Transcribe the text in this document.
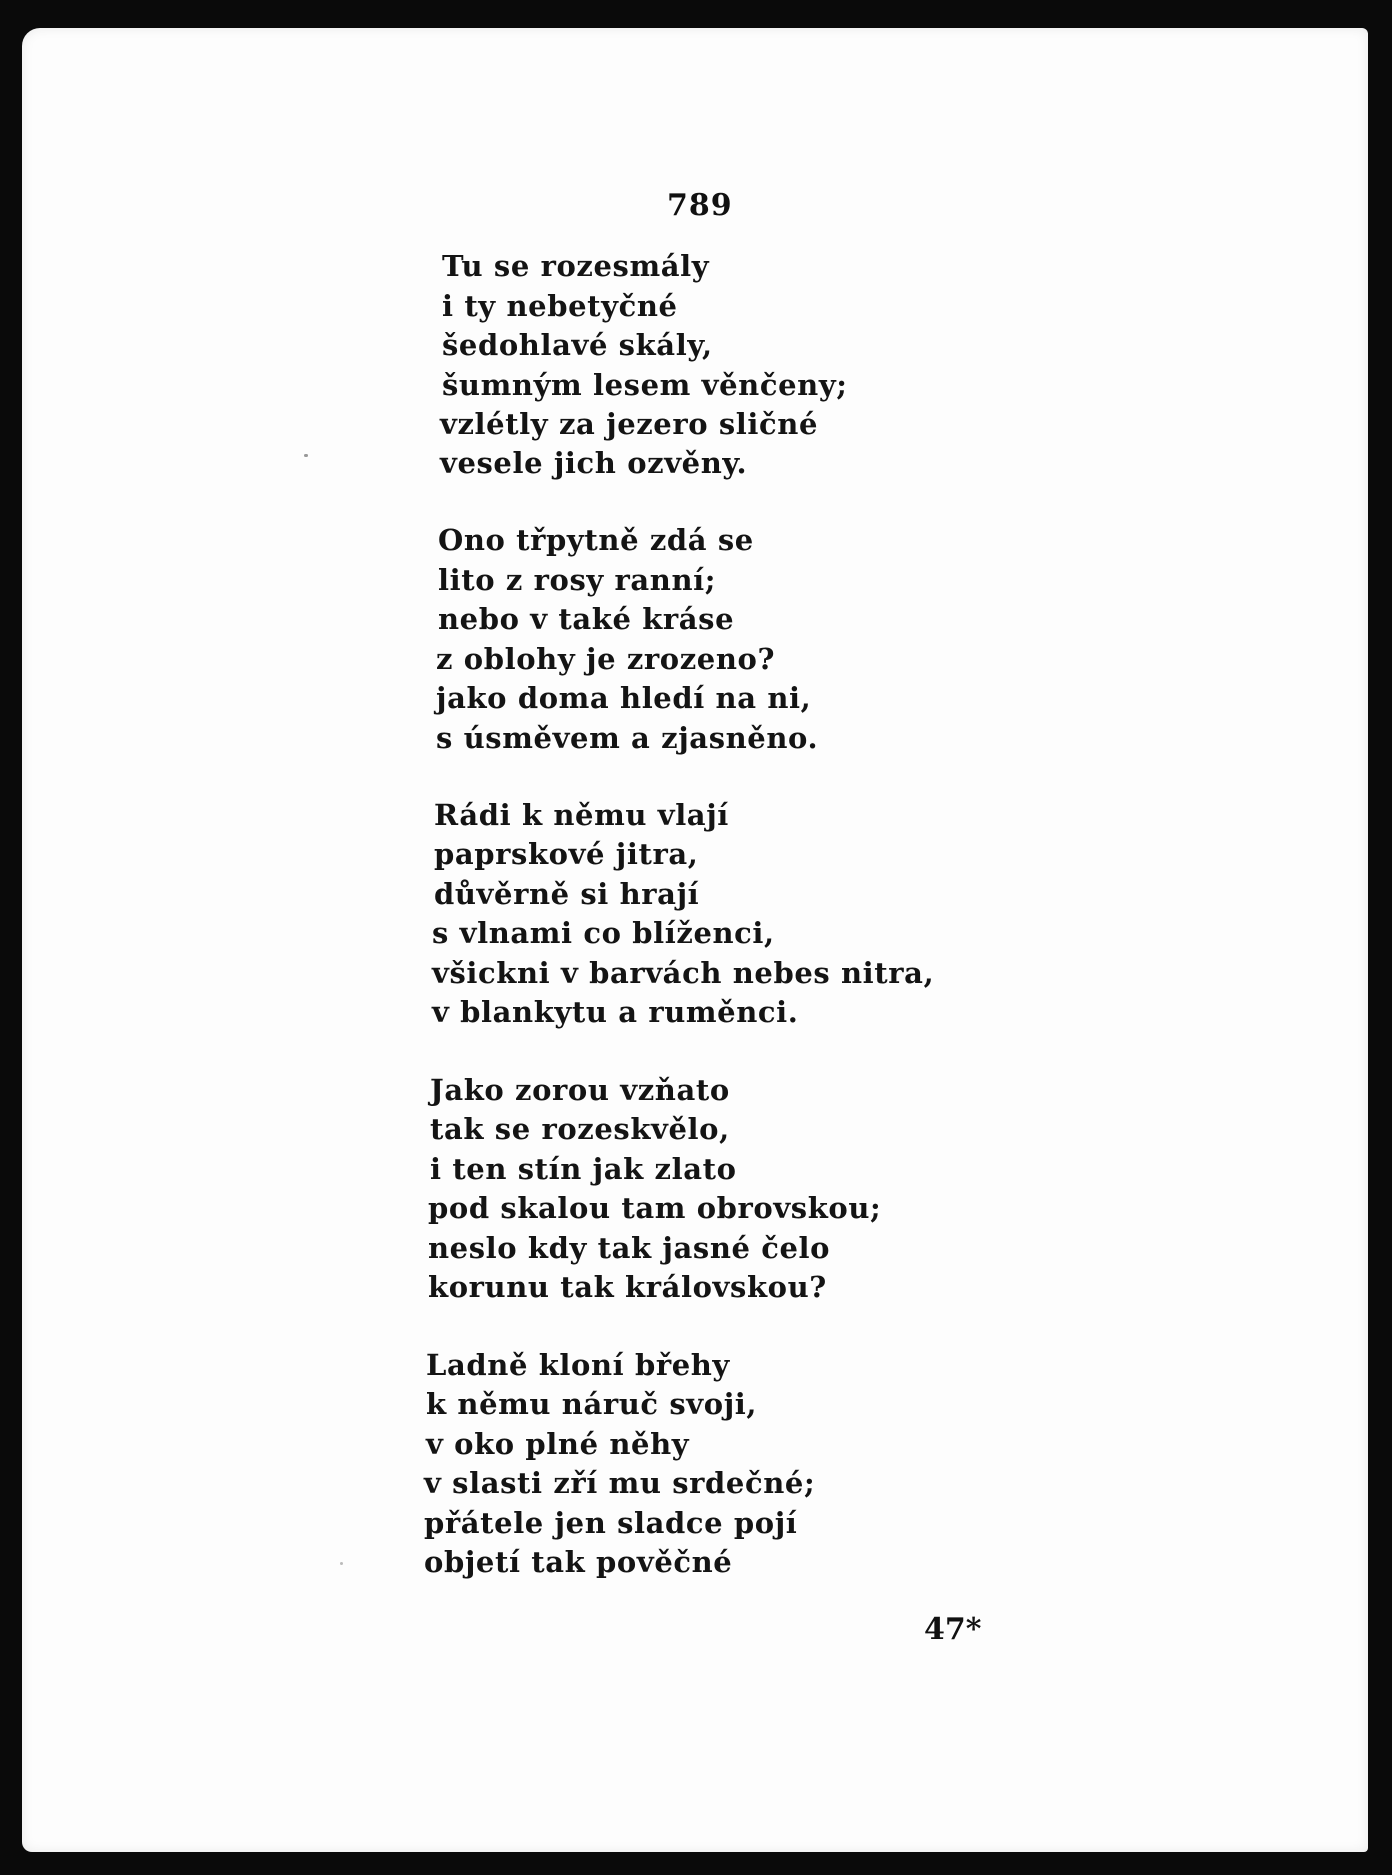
789
Tu se rozesmály
i ty nebetyčné
šedohlavé skály,
šumným lesem věnčeny;
vzlétly za jezero sličné
vesele jich ozvěny.
Ono třpytně zdá se
lito z rosy ranní;
nebo v také kráse
z oblohy je zrozeno?
jako doma hledí na ni,
s úsměvem a zjasněno.
Rádi k němu vlají
paprskové jitra,
důvěrně si hrají
s vlnami co blíženci,
všickni v barvách nebes nitra,
v blankytu a ruměnci.
Jako zorou vzňato
tak se rozeskvělo,
i ten stín jak zlato
pod skalou tam obrovskou;
neslo kdy tak jasné čelo
korunu tak královskou?
Ladně kloní břehy
k němu náruč svoji,
v oko plné něhy
v slasti zří mu srdečné;
přátele jen sladce pojí
objetí tak pověčné
47*
